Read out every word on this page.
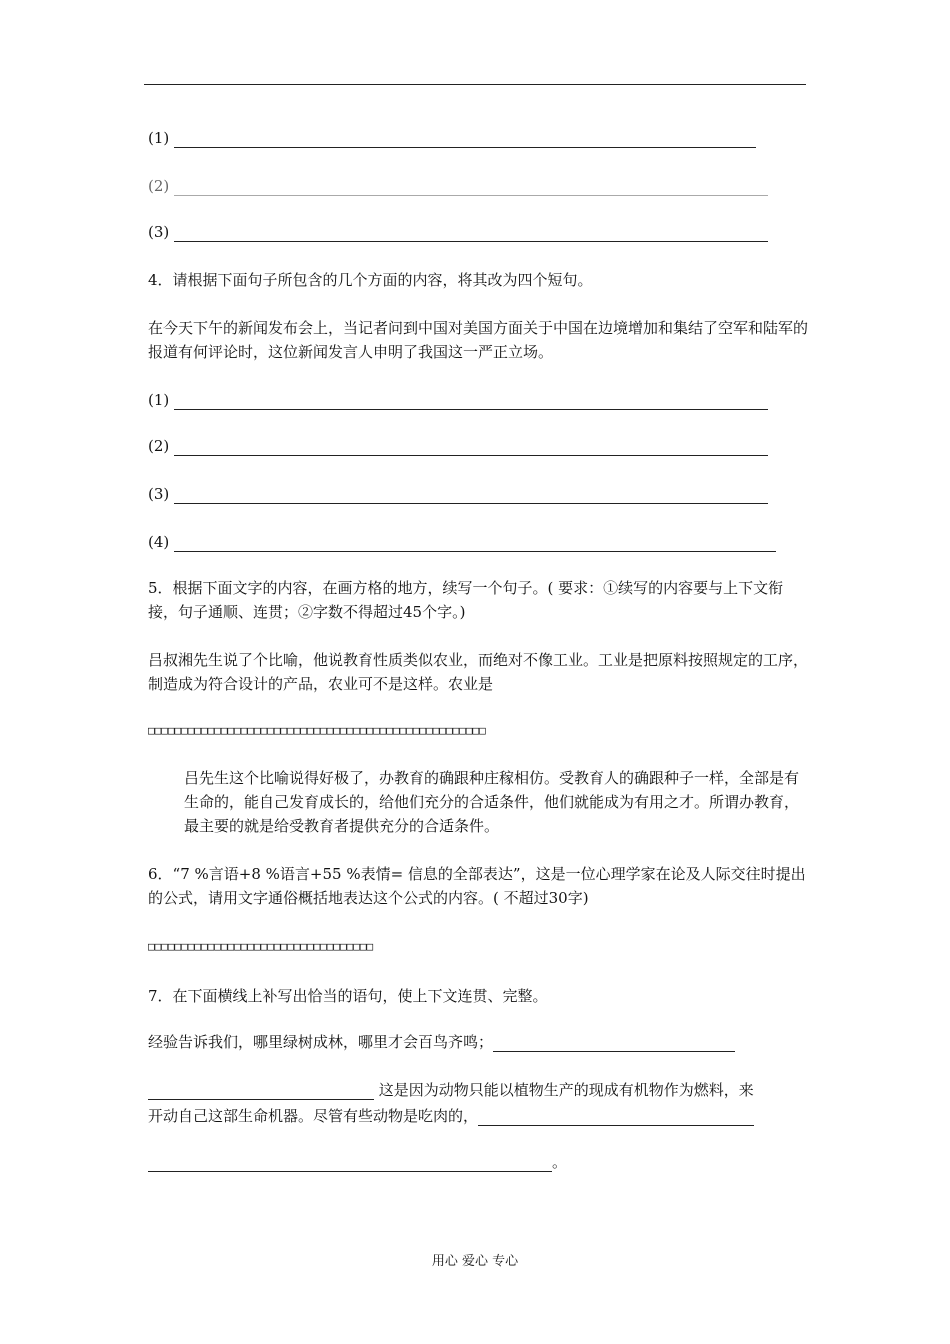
(1)
(2)
(3)
4．请根据下面句子所包含的几个方面的内容，将其改为四个短句。
在今天下午的新闻发布会上，当记者问到中国对美国方面关于中国在边境增加和集结了空军和陆军的报道有何评论时，这位新闻发言人申明了我国这一严正立场。
(1)
(2)
(3)
(4)
5．根据下面文字的内容，在画方格的地方，续写一个句子。( 要求：①续写的内容要与上下文衔接，句子通顺、连贯；②字数不得超过45个字。)
吕叔湘先生说了个比喻，他说教育性质类似农业，而绝对不像工业。工业是把原料按照规定的工序，制造成为符合设计的产品，农业可不是这样。农业是
□□□□□□□□□□□□□□□□□□□□□□□□□□□□□□□□□□□□□□□□□□□□□□□□□□□
吕先生这个比喻说得好极了，办教育的确跟种庄稼相仿。受教育人的确跟种子一样，全部是有生命的，能自己发育成长的，给他们充分的合适条件，他们就能成为有用之才。所谓办教育，最主要的就是给受教育者提供充分的合适条件。
6．“7 %言语+8 %语言+55 %表情= 信息的全部表达”，这是一位心理学家在论及人际交往时提出的公式，请用文字通俗概括地表达这个公式的内容。( 不超过30字)
□□□□□□□□□□□□□□□□□□□□□□□□□□□□□□□□□□
7．在下面横线上补写出恰当的语句，使上下文连贯、完整。
经验告诉我们，哪里绿树成林，哪里才会百鸟齐鸣；
这是因为动物只能以植物生产的现成有机物作为燃料，来
开动自己这部生命机器。尽管有些动物是吃肉的，
。
用心 爱心 专心
